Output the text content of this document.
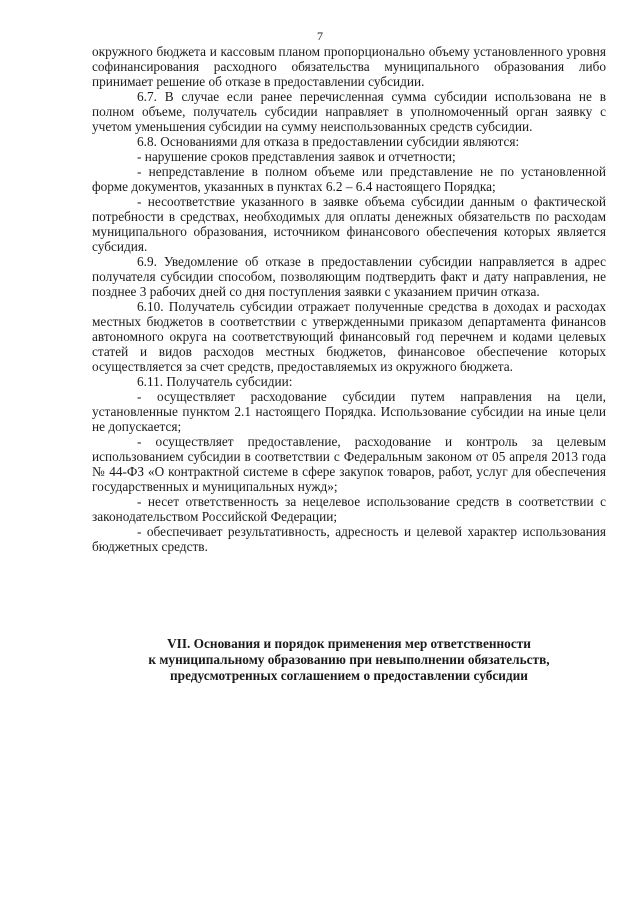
7

окружного бюджета и кассовым планом пропорционально объему установленного уровня софинансирования расходного обязательства муниципального образования либо принимает решение об отказе в предоставлении субсидии.

6.7. В случае если ранее перечисленная сумма субсидии использована не в полном объеме, получатель субсидии направляет в уполномоченный орган заявку с учетом уменьшения субсидии на сумму неиспользованных средств субсидии.

6.8. Основаниями для отказа в предоставлении субсидии являются:

- нарушение сроков представления заявок и отчетности;

- непредставление в полном объеме или представление не по установленной форме документов, указанных в пунктах 6.2 – 6.4 настоящего Порядка;

- несоответствие указанного в заявке объема субсидии данным о фактической потребности в средствах, необходимых для оплаты денежных обязательств по расходам муниципального образования, источником финансового обеспечения которых является субсидия.

6.9. Уведомление об отказе в предоставлении субсидии направляется в адрес получателя субсидии способом, позволяющим подтвердить факт и дату направления, не позднее 3 рабочих дней со дня поступления заявки с указанием причин отказа.

6.10. Получатель субсидии отражает полученные средства в доходах и расходах местных бюджетов в соответствии с утвержденными приказом департамента финансов автономного округа на соответствующий финансовый год перечнем и кодами целевых статей и видов расходов местных бюджетов, финансовое обеспечение которых осуществляется за счет средств, предоставляемых из окружного бюджета.

6.11. Получатель субсидии:

- осуществляет расходование субсидии путем направления на цели, установленные пунктом 2.1 настоящего Порядка. Использование субсидии на иные цели не допускается;

- осуществляет предоставление, расходование и контроль за целевым использованием субсидии в соответствии с Федеральным законом от 05 апреля 2013 года № 44-ФЗ «О контрактной системе в сфере закупок товаров, работ, услуг для обеспечения государственных и муниципальных нужд»;

- несет ответственность за нецелевое использование средств в соответствии с законодательством Российской Федерации;

- обеспечивает результативность, адресность и целевой характер использования бюджетных средств.

VII. Основания и порядок применения мер ответственности
к муниципальному образованию при невыполнении обязательств,
предусмотренных соглашением о предоставлении субсидии
